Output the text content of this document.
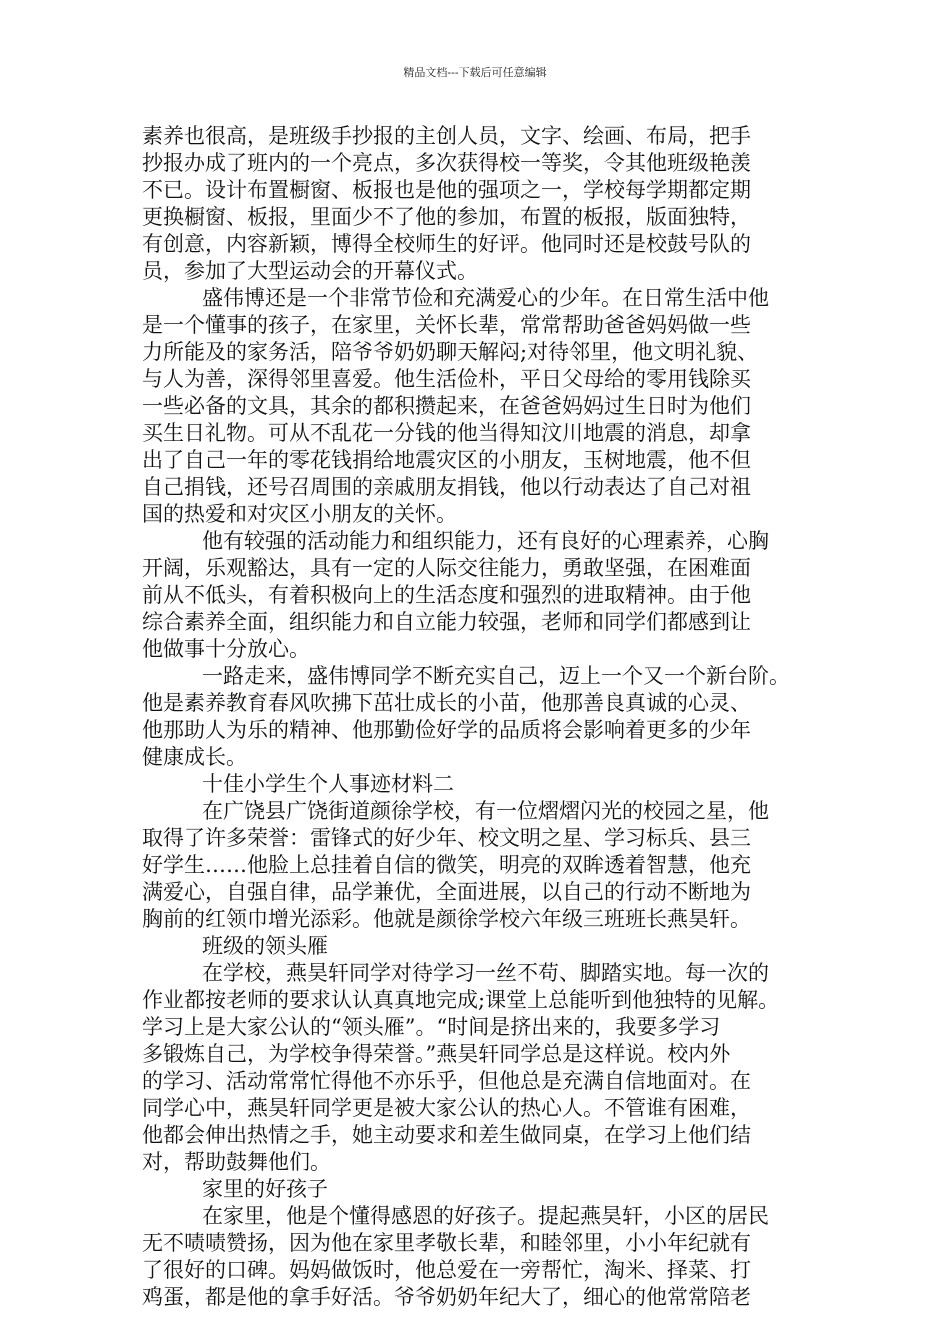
精品文档---下载后可任意编辑
素养也很高，是班级手抄报的主创人员，文字、绘画、布局，把手
抄报办成了班内的一个亮点，多次获得校一等奖，令其他班级艳羡
不已。设计布置橱窗、板报也是他的强项之一，学校每学期都定期
更换橱窗、板报，里面少不了他的参加，布置的板报，版面独特，
有创意，内容新颖，博得全校师生的好评。他同时还是校鼓号队的
员，参加了大型运动会的开幕仪式。
盛伟博还是一个非常节俭和充满爱心的少年。在日常生活中他
是一个懂事的孩子，在家里，关怀长辈，常常帮助爸爸妈妈做一些
力所能及的家务活，陪爷爷奶奶聊天解闷;对待邻里，他文明礼貌、
与人为善，深得邻里喜爱。他生活俭朴，平日父母给的零用钱除买
一些必备的文具，其余的都积攒起来，在爸爸妈妈过生日时为他们
买生日礼物。可从不乱花一分钱的他当得知汶川地震的消息，却拿
出了自己一年的零花钱捐给地震灾区的小朋友，玉树地震，他不但
自己捐钱，还号召周围的亲戚朋友捐钱，他以行动表达了自己对祖
国的热爱和对灾区小朋友的关怀。
他有较强的活动能力和组织能力，还有良好的心理素养，心胸
开阔，乐观豁达，具有一定的人际交往能力，勇敢坚强，在困难面
前从不低头，有着积极向上的生活态度和强烈的进取精神。由于他
综合素养全面，组织能力和自立能力较强，老师和同学们都感到让
他做事十分放心。
一路走来，盛伟博同学不断充实自己，迈上一个又一个新台阶。
他是素养教育春风吹拂下茁壮成长的小苗，他那善良真诚的心灵、
他那助人为乐的精神、他那勤俭好学的品质将会影响着更多的少年
健康成长。
十佳小学生个人事迹材料二
在广饶县广饶街道颜徐学校，有一位熠熠闪光的校园之星，他
取得了许多荣誉：雷锋式的好少年、校文明之星、学习标兵、县三
好学生……他脸上总挂着自信的微笑，明亮的双眸透着智慧，他充
满爱心，自强自律，品学兼优，全面进展，以自己的行动不断地为
胸前的红领巾增光添彩。他就是颜徐学校六年级三班班长燕昊轩。
班级的领头雁
在学校，燕昊轩同学对待学习一丝不苟、脚踏实地。每一次的
作业都按老师的要求认认真真地完成;课堂上总能听到他独特的见解。
学习上是大家公认的“领头雁”。“时间是挤出来的，我要多学习
多锻炼自己，为学校争得荣誉。”燕昊轩同学总是这样说。校内外
的学习、活动常常忙得他不亦乐乎，但他总是充满自信地面对。在
同学心中，燕昊轩同学更是被大家公认的热心人。不管谁有困难，
他都会伸出热情之手，她主动要求和差生做同桌，在学习上他们结
对，帮助鼓舞他们。
家里的好孩子
在家里，他是个懂得感恩的好孩子。提起燕昊轩，小区的居民
无不啧啧赞扬，因为他在家里孝敬长辈，和睦邻里，小小年纪就有
了很好的口碑。妈妈做饭时，他总爱在一旁帮忙，淘米、择菜、打
鸡蛋，都是他的拿手好活。爷爷奶奶年纪大了，细心的他常常陪老
